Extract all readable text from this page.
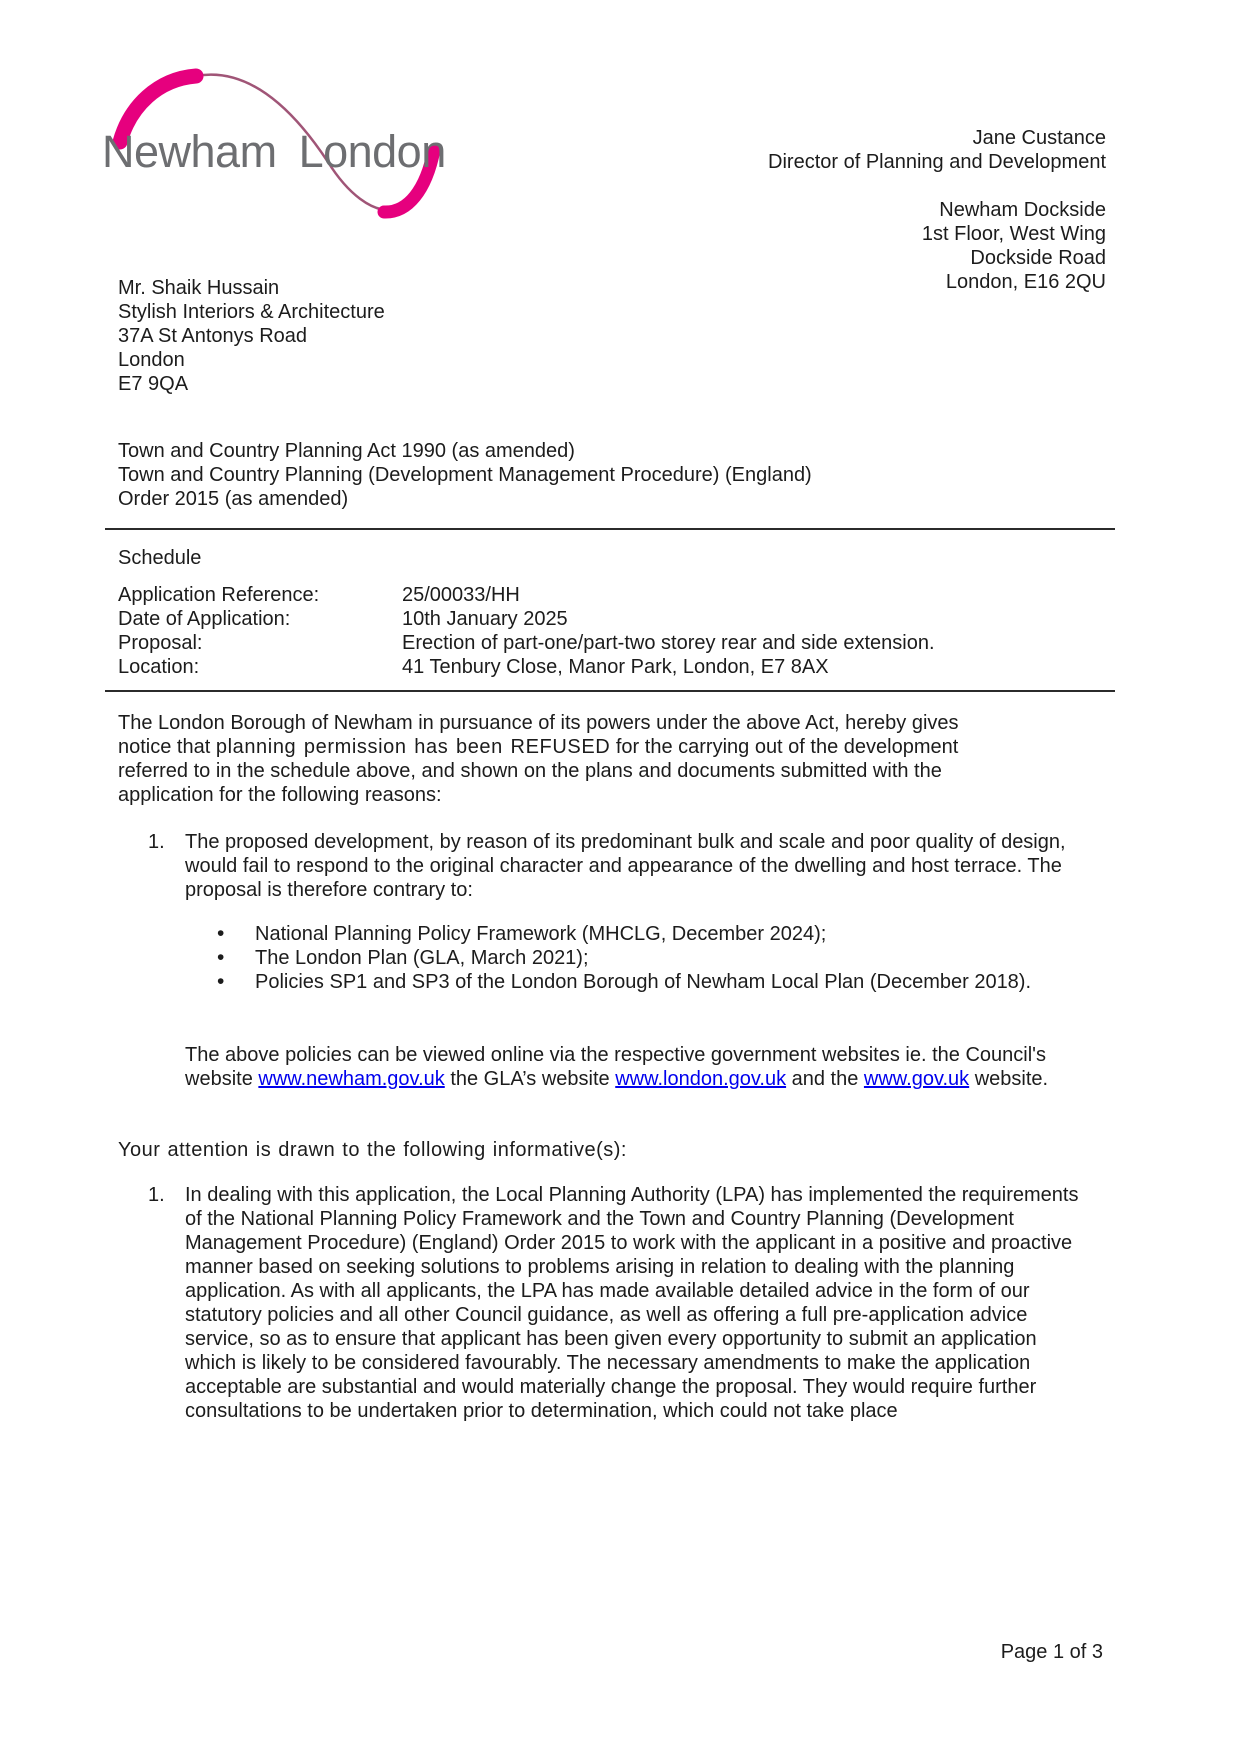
Newham London	Jane Custance
Director of Planning and Development
Newham Dockside
1st Floor, West Wing
Dockside Road
London, E16 2QU
Mr. Shaik Hussain
Stylish Interiors & Architecture
37A St Antonys Road
London
E7 9QA
Town and Country Planning Act 1990 (as amended)
Town and Country Planning (Development Management Procedure) (England)
Order 2015 (as amended)
Schedule
Application Reference:	25/00033/HH
Date of Application:	10th January 2025
Proposal:	Erection of part-one/part-two storey rear and side extension.
Location:	41 Tenbury Close, Manor Park, London, E7 8AX
The London Borough of Newham in pursuance of its powers under the above Act, hereby gives notice that planning permission has been REFUSED for the carrying out of the development referred to in the schedule above, and shown on the plans and documents submitted with the application for the following reasons:
1.	The proposed development, by reason of its predominant bulk and scale and poor quality of design, would fail to respond to the original character and appearance of the dwelling and host terrace. The proposal is therefore contrary to:
•	National Planning Policy Framework (MHCLG, December 2024);
•	The London Plan (GLA, March 2021);
•	Policies SP1 and SP3 of the London Borough of Newham Local Plan (December 2018).
The above policies can be viewed online via the respective government websites ie. the Council's website www.newham.gov.uk the GLA’s website www.london.gov.uk and the www.gov.uk website.
Your attention is drawn to the following informative(s):
1.	In dealing with this application, the Local Planning Authority (LPA) has implemented the requirements of the National Planning Policy Framework and the Town and Country Planning (Development Management Procedure) (England) Order 2015 to work with the applicant in a positive and proactive manner based on seeking solutions to problems arising in relation to dealing with the planning application. As with all applicants, the LPA has made available detailed advice in the form of our statutory policies and all other Council guidance, as well as offering a full pre-application advice service, so as to ensure that applicant has been given every opportunity to submit an application which is likely to be considered favourably. The necessary amendments to make the application acceptable are substantial and would materially change the proposal. They would require further consultations to be undertaken prior to determination, which could not take place
Page 1 of 3
